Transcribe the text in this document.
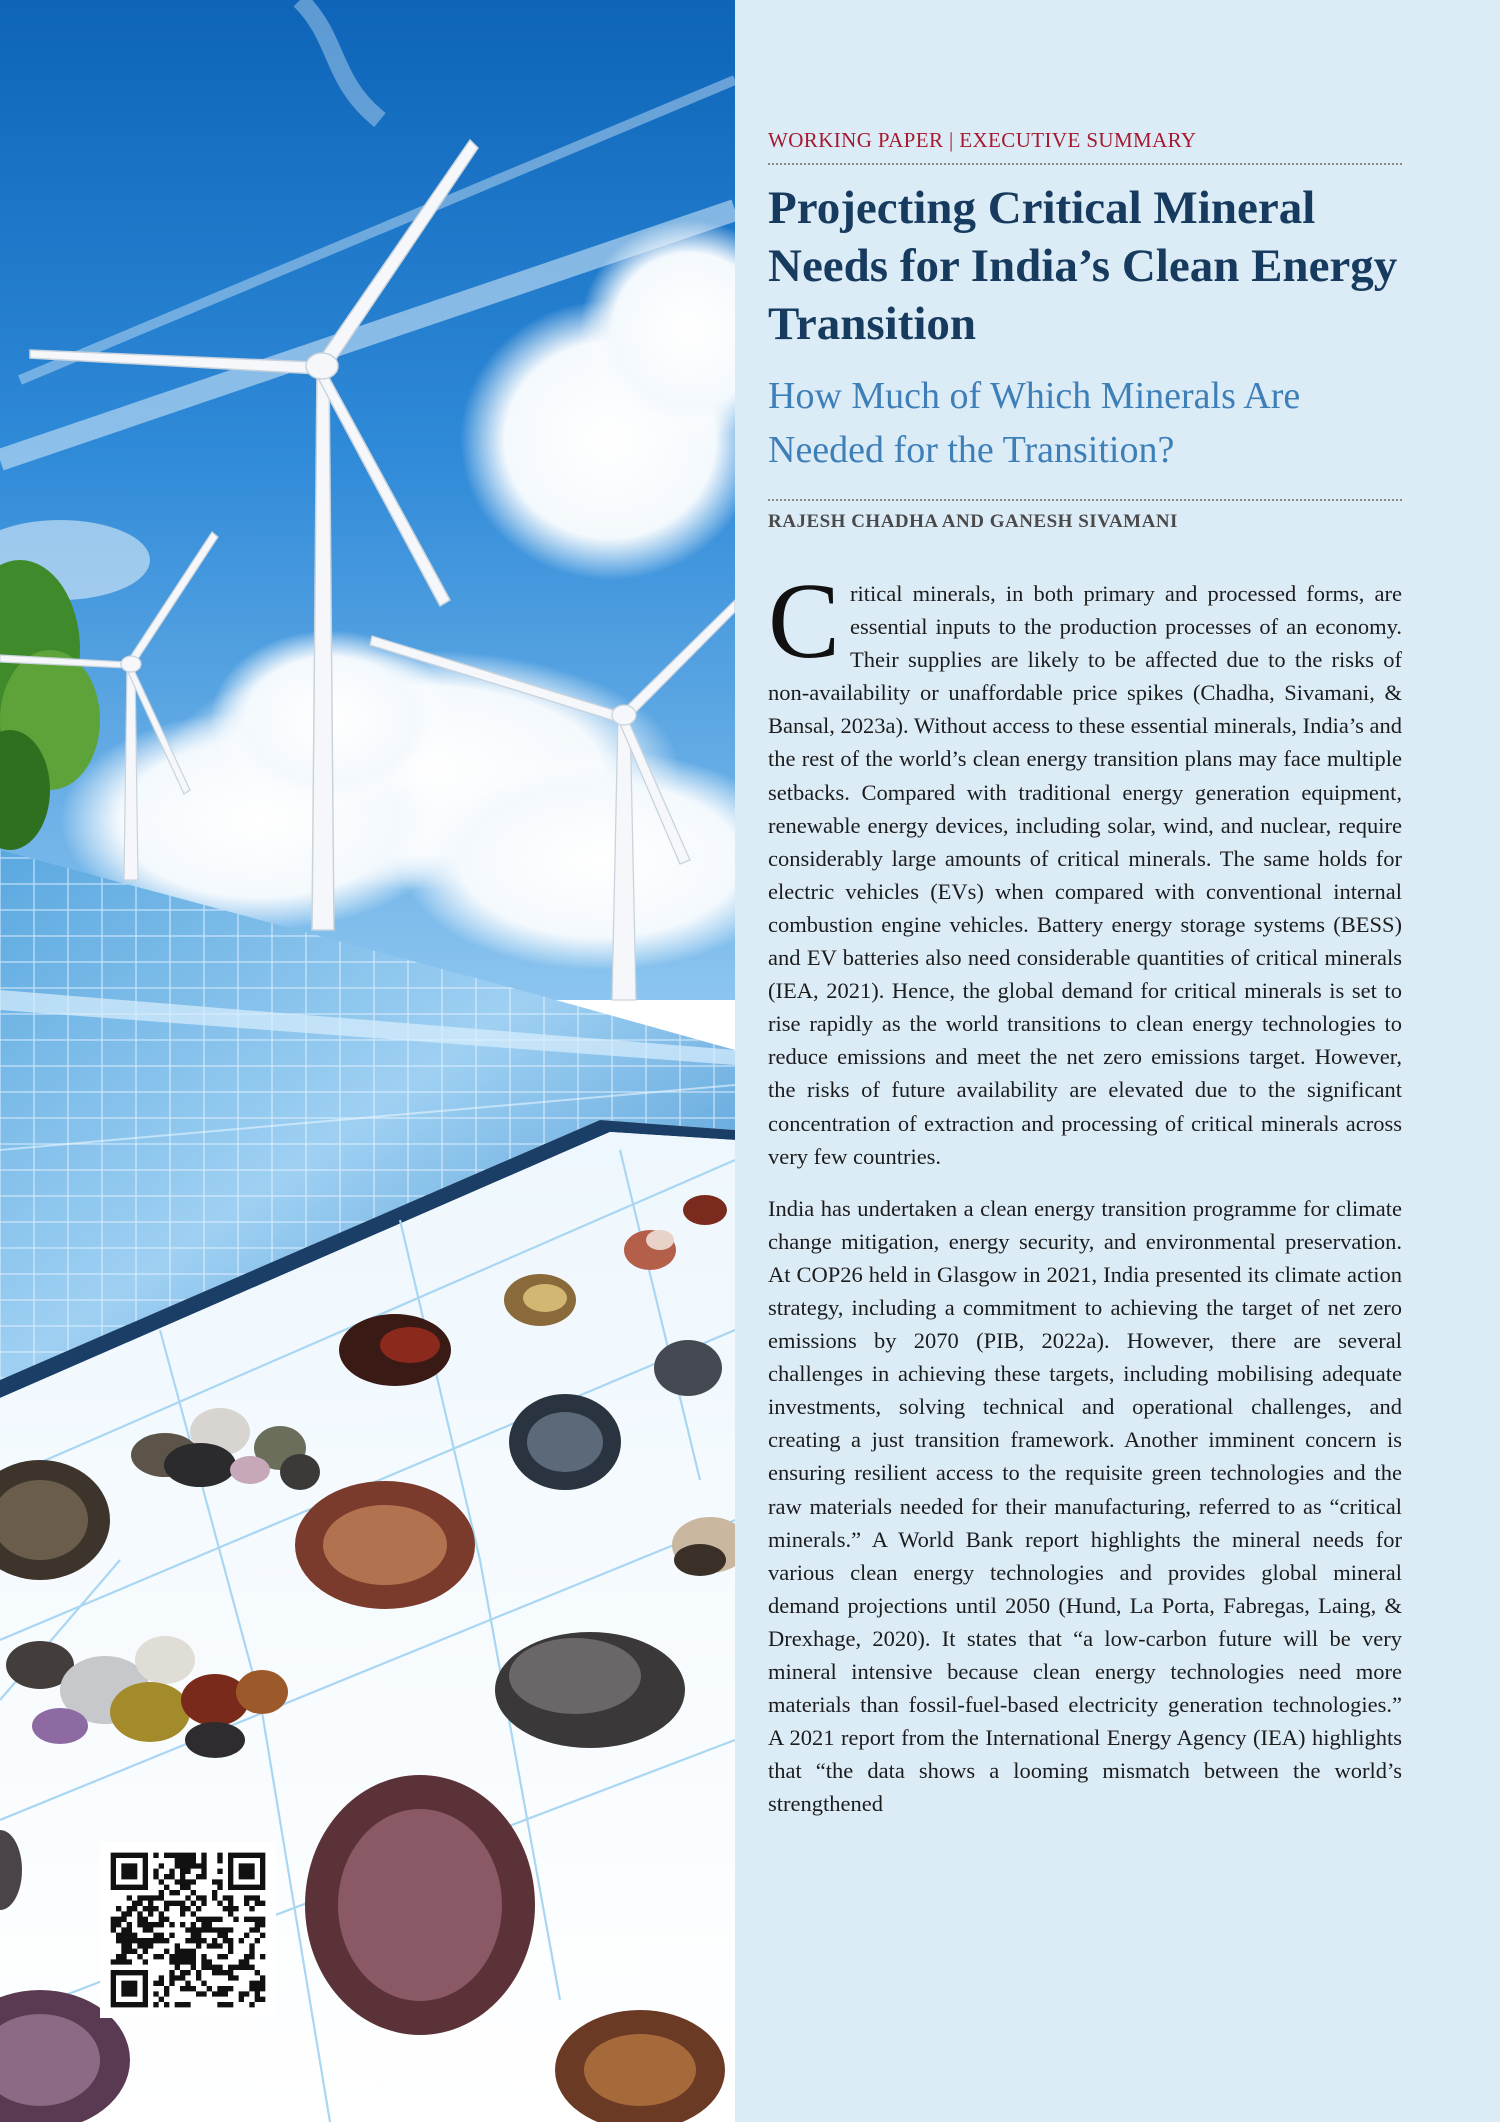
WORKING PAPER | EXECUTIVE SUMMARY
Projecting Critical Mineral Needs for India’s Clean Energy Transition
How Much of Which Minerals Are Needed for the Transition?
RAJESH CHADHA AND GANESH SIVAMANI

Critical minerals, in both primary and processed forms, are essential inputs to the production processes of an economy. Their supplies are likely to be affected due to the risks of non-availability or unaffordable price spikes (Chadha, Sivamani, & Bansal, 2023a). Without access to these essential minerals, India’s and the rest of the world’s clean energy transition plans may face multiple setbacks. Compared with traditional energy generation equipment, renewable energy devices, including solar, wind, and nuclear, require considerably large amounts of critical minerals. The same holds for electric vehicles (EVs) when compared with conventional internal combustion engine vehicles. Battery energy storage systems (BESS) and EV batteries also need considerable quantities of critical minerals (IEA, 2021). Hence, the global demand for critical minerals is set to rise rapidly as the world transitions to clean energy technologies to reduce emissions and meet the net zero emissions target. However, the risks of future availability are elevated due to the significant concentration of extraction and processing of critical minerals across very few countries.

India has undertaken a clean energy transition programme for climate change mitigation, energy security, and environmental preservation. At COP26 held in Glasgow in 2021, India presented its climate action strategy, including a commitment to achieving the target of net zero emissions by 2070 (PIB, 2022a). However, there are several challenges in achieving these targets, including mobilising adequate investments, solving technical and operational challenges, and creating a just transition framework. Another imminent concern is ensuring resilient access to the requisite green technologies and the raw materials needed for their manufacturing, referred to as “critical minerals.” A World Bank report highlights the mineral needs for various clean energy technologies and provides global mineral demand projections until 2050 (Hund, La Porta, Fabregas, Laing, & Drexhage, 2020). It states that “a low-carbon future will be very mineral intensive because clean energy technologies need more materials than fossil-fuel-based electricity generation technologies.” A 2021 report from the International Energy Agency (IEA) highlights that “the data shows a looming mismatch between the world’s strengthened
